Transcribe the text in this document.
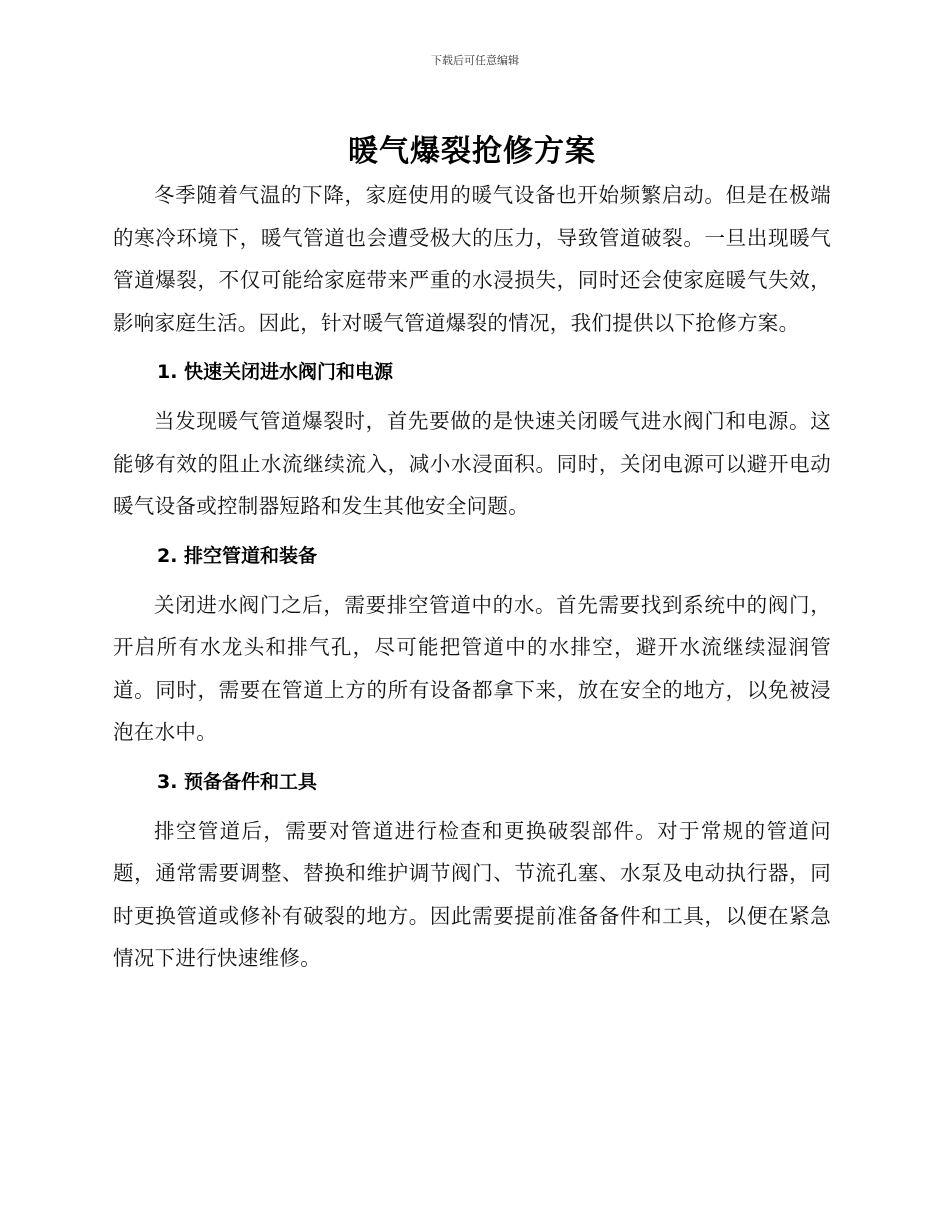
下载后可任意编辑
暖气爆裂抢修方案

冬季随着气温的下降，家庭使用的暖气设备也开始频繁启动。但是在极端的寒冷环境下，暖气管道也会遭受极大的压力，导致管道破裂。一旦出现暖气管道爆裂，不仅可能给家庭带来严重的水浸损失，同时还会使家庭暖气失效，影响家庭生活。因此，针对暖气管道爆裂的情况，我们提供以下抢修方案。

1. 快速关闭进水阀门和电源

当发现暖气管道爆裂时，首先要做的是快速关闭暖气进水阀门和电源。这能够有效的阻止水流继续流入，减小水浸面积。同时，关闭电源可以避开电动暖气设备或控制器短路和发生其他安全问题。

2. 排空管道和装备

关闭进水阀门之后，需要排空管道中的水。首先需要找到系统中的阀门，开启所有水龙头和排气孔，尽可能把管道中的水排空，避开水流继续湿润管道。同时，需要在管道上方的所有设备都拿下来，放在安全的地方，以免被浸泡在水中。

3. 预备备件和工具

排空管道后，需要对管道进行检查和更换破裂部件。对于常规的管道问题，通常需要调整、替换和维护调节阀门、节流孔塞、水泵及电动执行器，同时更换管道或修补有破裂的地方。因此需要提前准备备件和工具，以便在紧急情况下进行快速维修。
